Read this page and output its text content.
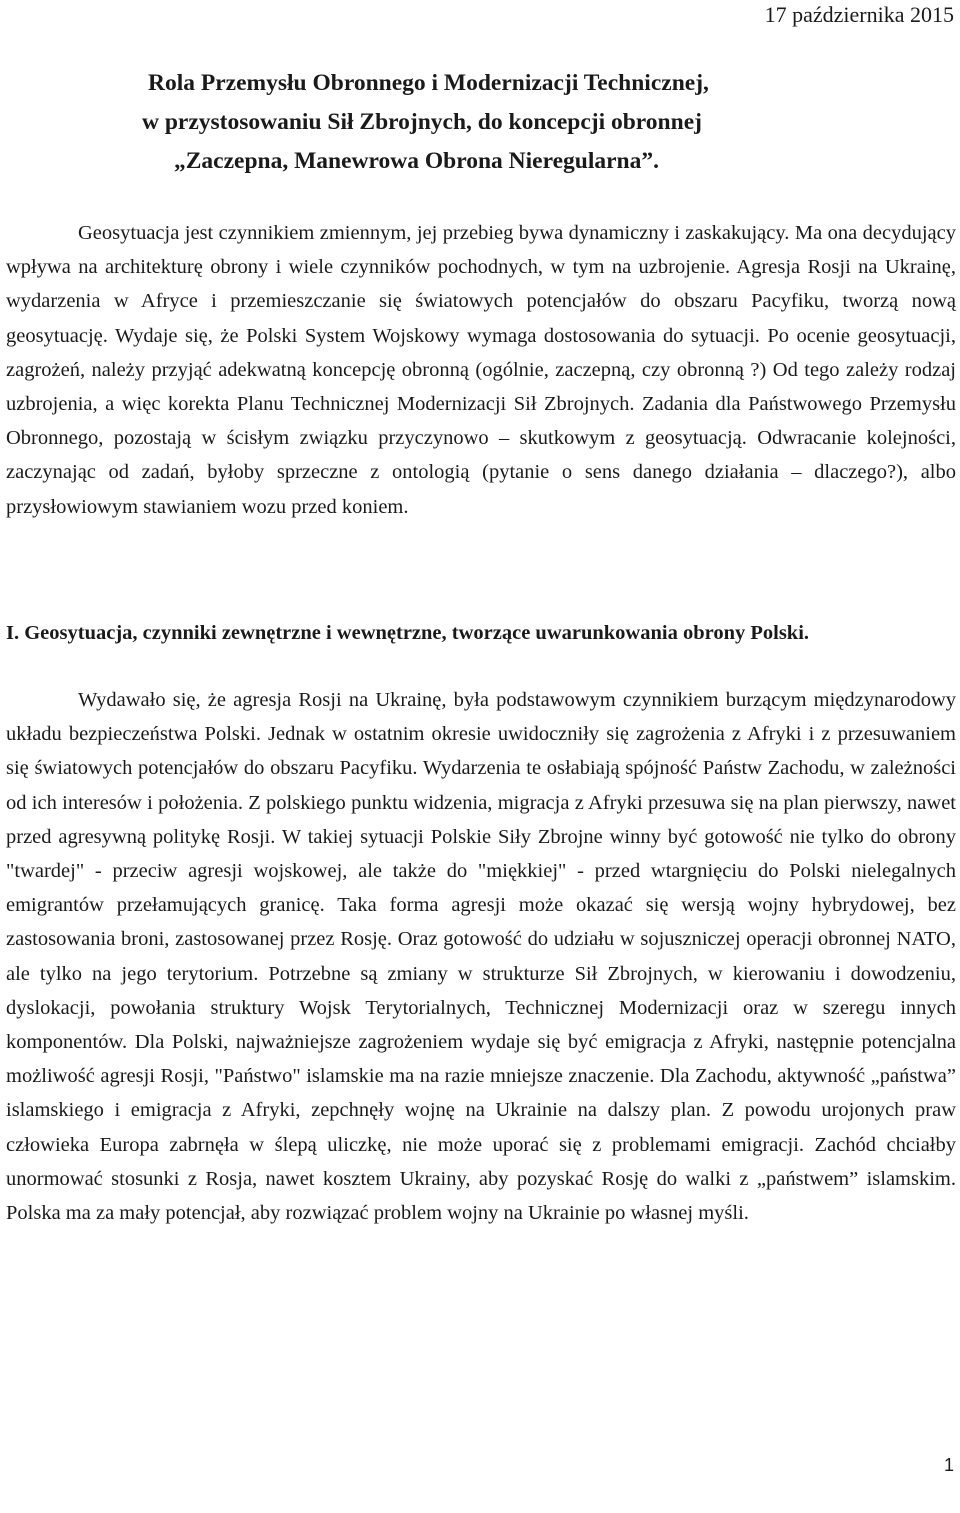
17 października 2015
Rola Przemysłu Obronnego i Modernizacji Technicznej,
w przystosowaniu Sił Zbrojnych, do koncepcji obronnej
„Zaczepna, Manewrowa Obrona Nieregularna”.

Geosytuacja jest czynnikiem zmiennym, jej przebieg bywa dynamiczny i zaskakujący. Ma ona decydujący wpływa na architekturę obrony i wiele czynników pochodnych, w tym na uzbrojenie. Agresja Rosji na Ukrainę, wydarzenia w Afryce i przemieszczanie się światowych potencjałów do obszaru Pacyfiku, tworzą nową geosytuację. Wydaje się, że Polski System Wojskowy wymaga dostosowania do sytuacji. Po ocenie geosytuacji, zagrożeń, należy przyjąć adekwatną koncepcję obronną (ogólnie, zaczepną, czy obronną ?) Od tego zależy rodzaj uzbrojenia, a więc korekta Planu Technicznej Modernizacji Sił Zbrojnych. Zadania dla Państwowego Przemysłu Obronnego, pozostają w ścisłym związku przyczynowo – skutkowym z geosytuacją. Odwracanie kolejności, zaczynając od zadań, byłoby sprzeczne z ontologią (pytanie o sens danego działania – dlaczego?), albo przysłowiowym stawianiem wozu przed koniem.

I. Geosytuacja, czynniki zewnętrzne i wewnętrzne, tworzące uwarunkowania obrony Polski.

Wydawało się, że agresja Rosji na Ukrainę, była podstawowym czynnikiem burzącym międzynarodowy układu bezpieczeństwa Polski. Jednak w ostatnim okresie uwidoczniły się zagrożenia z Afryki i z przesuwaniem się światowych potencjałów do obszaru Pacyfiku. Wydarzenia te osłabiają spójność Państw Zachodu, w zależności od ich interesów i położenia. Z polskiego punktu widzenia, migracja z Afryki przesuwa się na plan pierwszy, nawet przed agresywną politykę Rosji. W takiej sytuacji Polskie Siły Zbrojne winny być gotowość nie tylko do obrony "twardej" - przeciw agresji wojskowej, ale także do "miękkiej" - przed wtargnięciu do Polski nielegalnych emigrantów przełamujących granicę. Taka forma agresji może okazać się wersją wojny hybrydowej, bez zastosowania broni, zastosowanej przez Rosję. Oraz gotowość do udziału w sojuszniczej operacji obronnej NATO, ale tylko na jego terytorium. Potrzebne są zmiany w strukturze Sił Zbrojnych, w kierowaniu i dowodzeniu, dyslokacji, powołania struktury Wojsk Terytorialnych, Technicznej Modernizacji oraz w szeregu innych komponentów. Dla Polski, najważniejsze zagrożeniem wydaje się być emigracja z Afryki, następnie potencjalna możliwość agresji Rosji, "Państwo" islamskie ma na razie mniejsze znaczenie. Dla Zachodu, aktywność „państwa” islamskiego i emigracja z Afryki, zepchnęły wojnę na Ukrainie na dalszy plan. Z powodu urojonych praw człowieka Europa zabrnęła w ślepą uliczkę, nie może uporać się z problemami emigracji. Zachód chciałby unormować stosunki z Rosja, nawet kosztem Ukrainy, aby pozyskać Rosję do walki z „państwem” islamskim. Polska ma za mały potencjał, aby rozwiązać problem wojny na Ukrainie po własnej myśli.

1
